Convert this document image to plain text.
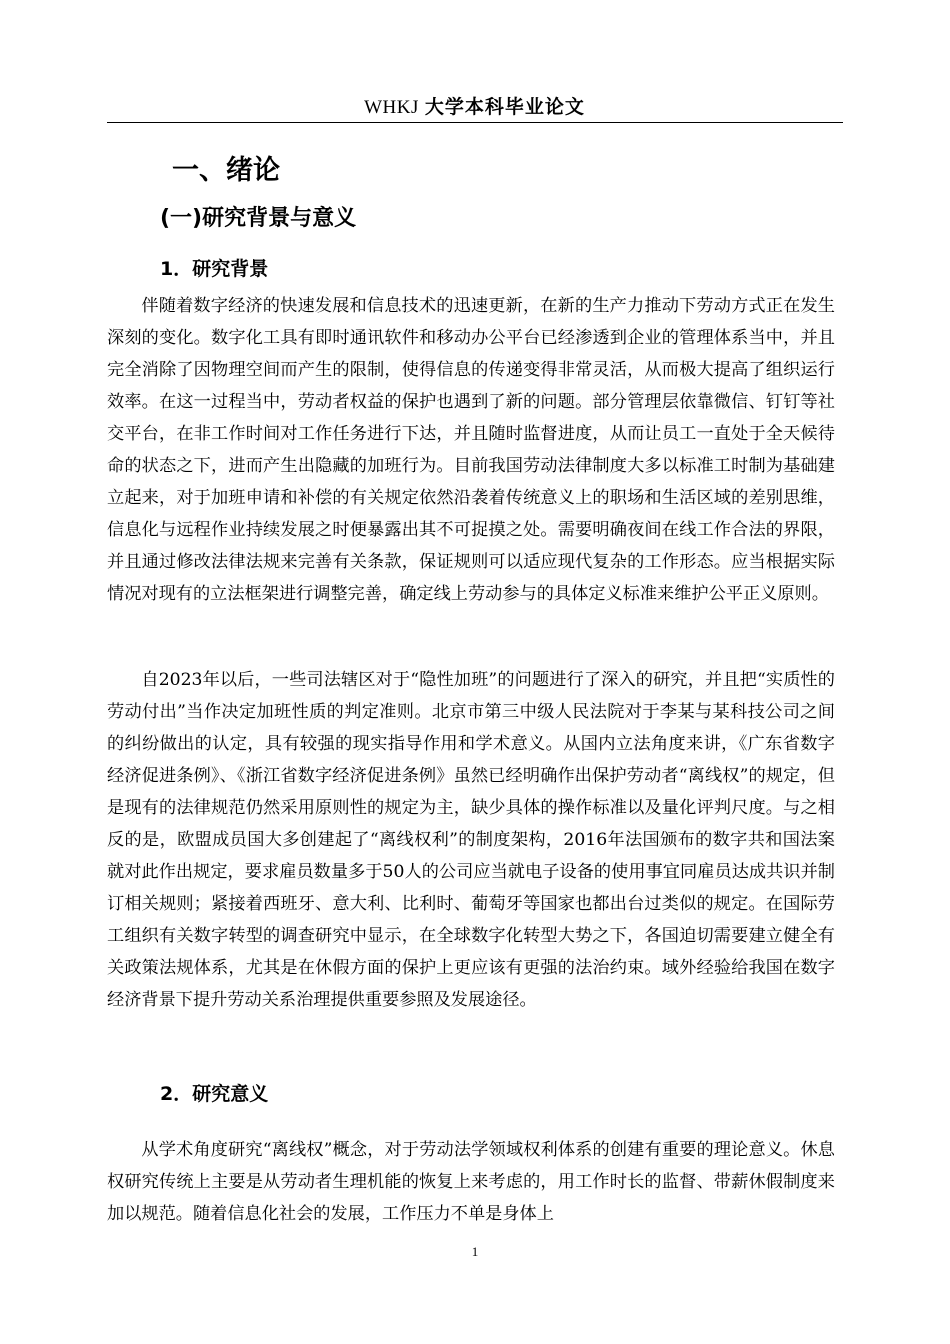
WHKJ 大学本科毕业论文
一、绪论
(一)研究背景与意义
1．研究背景

伴随着数字经济的快速发展和信息技术的迅速更新，在新的生产力推动下劳动方式正在发生深刻的变化。数字化工具有即时通讯软件和移动办公平台已经渗透到企业的管理体系当中，并且完全消除了因物理空间而产生的限制，使得信息的传递变得非常灵活，从而极大提高了组织运行效率。在这一过程当中，劳动者权益的保护也遇到了新的问题。部分管理层依靠微信、钉钉等社交平台，在非工作时间对工作任务进行下达，并且随时监督进度，从而让员工一直处于全天候待命的状态之下，进而产生出隐藏的加班行为。目前我国劳动法律制度大多以标准工时制为基础建立起来，对于加班申请和补偿的有关规定依然沿袭着传统意义上的职场和生活区域的差别思维，信息化与远程作业持续发展之时便暴露出其不可捉摸之处。需要明确夜间在线工作合法的界限，并且通过修改法律法规来完善有关条款，保证规则可以适应现代复杂的工作形态。应当根据实际情况对现有的立法框架进行调整完善，确定线上劳动参与的具体定义标准来维护公平正义原则。

自2023年以后，一些司法辖区对于“隐性加班”的问题进行了深入的研究，并且把“实质性的劳动付出”当作决定加班性质的判定准则。北京市第三中级人民法院对于李某与某科技公司之间的纠纷做出的认定，具有较强的现实指导作用和学术意义。从国内立法角度来讲，《广东省数字经济促进条例》、《浙江省数字经济促进条例》虽然已经明确作出保护劳动者“离线权”的规定，但是现有的法律规范仍然采用原则性的规定为主，缺少具体的操作标准以及量化评判尺度。与之相反的是，欧盟成员国大多创建起了“离线权利”的制度架构，2016年法国颁布的数字共和国法案就对此作出规定，要求雇员数量多于50人的公司应当就电子设备的使用事宜同雇员达成共识并制订相关规则；紧接着西班牙、意大利、比利时、葡萄牙等国家也都出台过类似的规定。在国际劳工组织有关数字转型的调查研究中显示，在全球数字化转型大势之下，各国迫切需要建立健全有关政策法规体系，尤其是在休假方面的保护上更应该有更强的法治约束。域外经验给我国在数字经济背景下提升劳动关系治理提供重要参照及发展途径。

2．研究意义

从学术角度研究“离线权”概念，对于劳动法学领域权利体系的创建有重要的理论意义。休息权研究传统上主要是从劳动者生理机能的恢复上来考虑的，用工作时长的监督、带薪休假制度来加以规范。随着信息化社会的发展，工作压力不单是身体上

1
